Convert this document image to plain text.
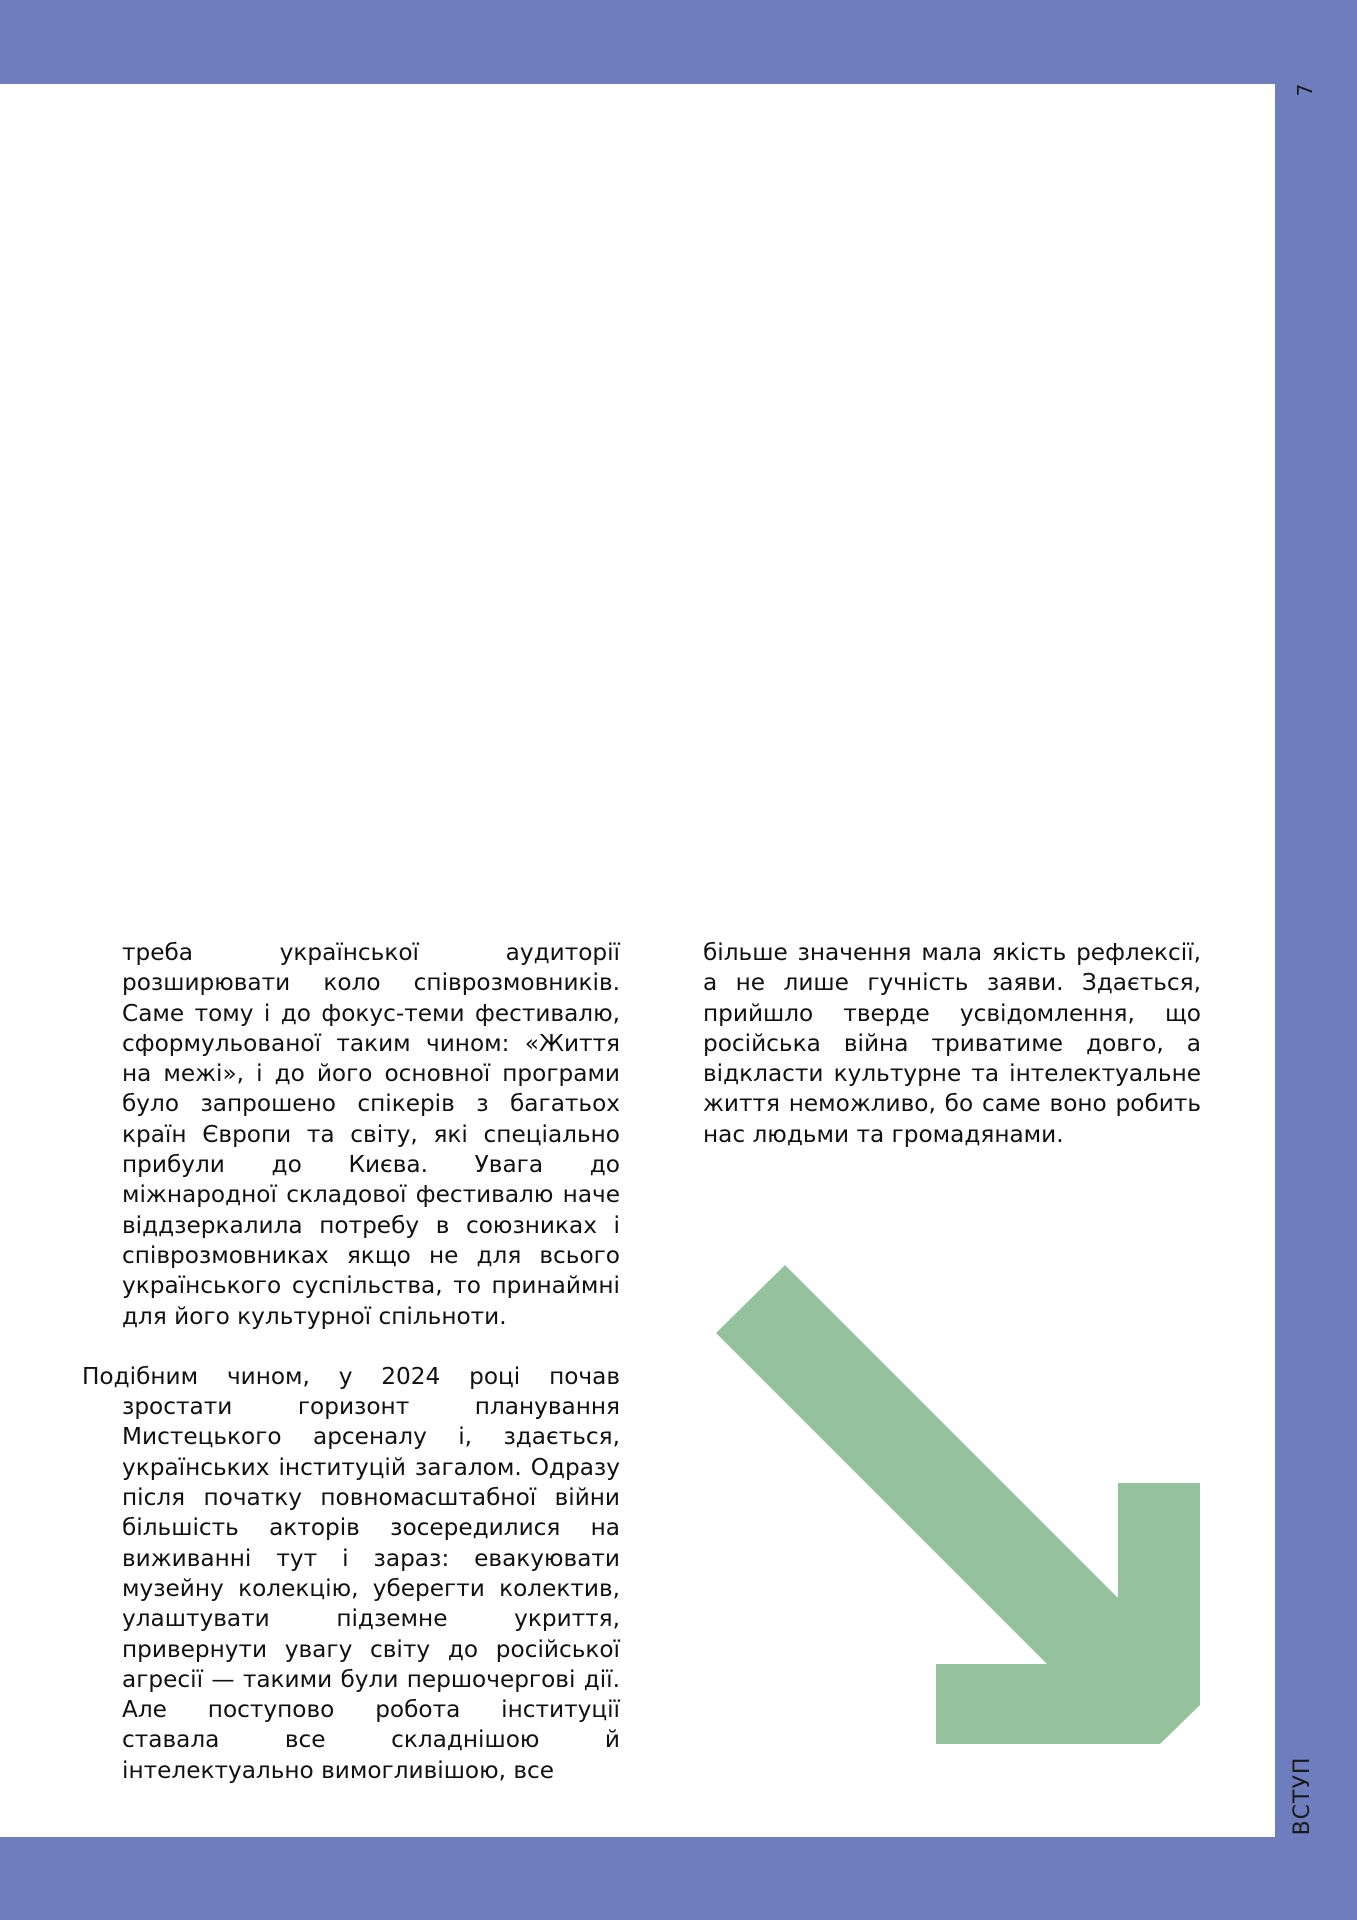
7
ВСТУП

треба української аудиторії розширювати коло співрозмовників. Саме тому і до фокус-теми фестивалю, сформульованої таким чином: «Життя на межі», і до його основної програми було запрошено спікерів з багатьох країн Європи та світу, які спеціально прибули до Києва. Увага до міжнародної складової фестивалю наче віддзеркалила потребу в союзниках і співрозмовниках якщо не для всього українського суспільства, то принаймні для його культурної спільноти.

Подібним чином, у 2024 році почав зростати горизонт планування Мистецького арсеналу і, здається, українських інституцій загалом. Одразу після початку повномасштабної війни більшість акторів зосередилися на виживанні тут і зараз: евакуювати музейну колекцію, уберегти колектив, улаштувати підземне укриття, привернути увагу світу до російської агресії — такими були першочергові дії. Але поступово робота інституції ставала все складнішою й інтелектуально вимогливішою, все

більше значення мала якість рефлексії, а не лише гучність заяви. Здається, прийшло тверде усвідомлення, що російська війна триватиме довго, а відкласти культурне та інтелектуальне життя неможливо, бо саме воно робить нас людьми та громадянами.
